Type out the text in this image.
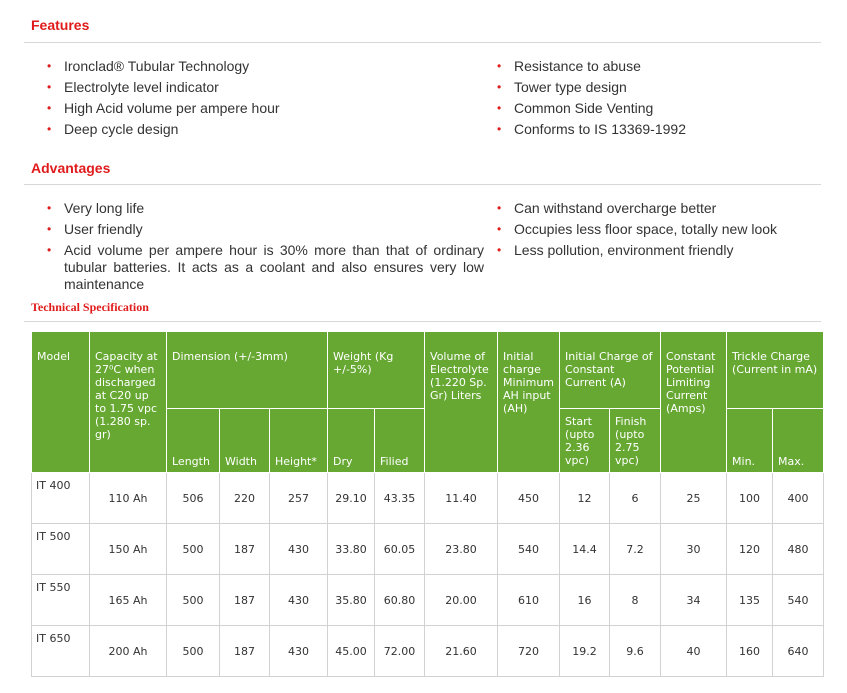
Features
• Ironclad® Tubular Technology
• Electrolyte level indicator
• High Acid volume per ampere hour
• Deep cycle design
• Resistance to abuse
• Tower type design
• Common Side Venting
• Conforms to IS 13369-1992
Advantages
• Very long life
• User friendly
• Acid volume per ampere hour is 30% more than that of ordinary tubular batteries. It acts as a coolant and also ensures very low maintenance
• Can withstand overcharge better
• Occupies less floor space, totally new look
• Less pollution, environment friendly
Technical Specification
Model	Capacity at 27⁰C when discharged at C20 up to 1.75 vpc (1.280 sp. gr)	Dimension (+/-3mm)			Weight (Kg +/-5%)		Volume of Electrolyte (1.220 Sp. Gr) Liters	Initial charge Minimum AH input (AH)	Initial Charge of Constant Current (A)		Constant Potential Limiting Current (Amps)	Trickle Charge (Current in mA)	
		Length	Width	Height*	Dry	Filied			Start (upto 2.36 vpc)	Finish (upto 2.75 vpc)		Min.	Max.
IT 400	110 Ah	506	220	257	29.10	43.35	11.40	450	12	6	25	100	400
IT 500	150 Ah	500	187	430	33.80	60.05	23.80	540	14.4	7.2	30	120	480
IT 550	165 Ah	500	187	430	35.80	60.80	20.00	610	16	8	34	135	540
IT 650	200 Ah	500	187	430	45.00	72.00	21.60	720	19.2	9.6	40	160	640
